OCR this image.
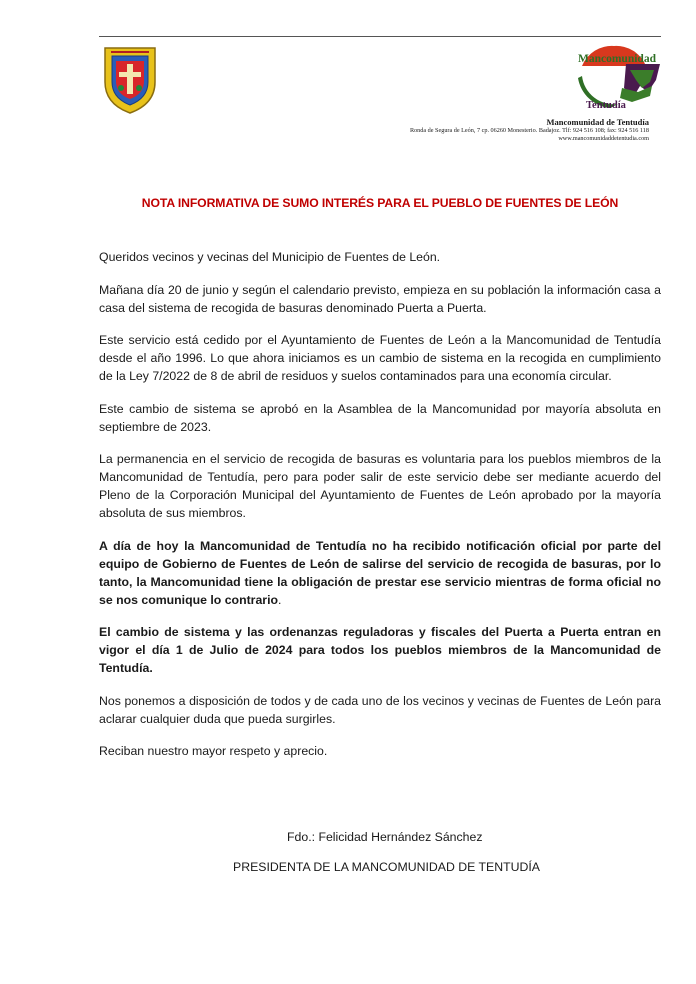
Mancomunidad
Tentudía
Mancomunidad de Tentudía
Ronda de Segura de León, 7 cp. 06260 Monesterio. Badajoz. Tlf: 924 516 108; fax: 924 516 118
www.mancomunidaddetentudia.com
NOTA INFORMATIVA DE SUMO INTERÉS PARA EL PUEBLO DE FUENTES DE LEÓN

Queridos vecinos y vecinas del Municipio de Fuentes de León.

Mañana día 20 de junio y según el calendario previsto, empieza en su población la información casa a casa del sistema de recogida de basuras denominado Puerta a Puerta.

Este servicio está cedido por el Ayuntamiento de Fuentes de León a la Mancomunidad de Tentudía desde el año 1996. Lo que ahora iniciamos es un cambio de sistema en la recogida en cumplimiento de la Ley 7/2022 de 8 de abril de residuos y suelos contaminados para una economía circular.

Este cambio de sistema se aprobó en la Asamblea de la Mancomunidad por mayoría absoluta en septiembre de 2023.

La permanencia en el servicio de recogida de basuras es voluntaria para los pueblos miembros de la Mancomunidad de Tentudía, pero para poder salir de este servicio debe ser mediante acuerdo del Pleno de la Corporación Municipal del Ayuntamiento de Fuentes de León aprobado por la mayoría absoluta de sus miembros.

A día de hoy la Mancomunidad de Tentudía no ha recibido notificación oficial por parte del equipo de Gobierno de Fuentes de León de salirse del servicio de recogida de basuras, por lo tanto, la Mancomunidad tiene la obligación de prestar ese servicio mientras de forma oficial no se nos comunique lo contrario.

El cambio de sistema y las ordenanzas reguladoras y fiscales del Puerta a Puerta entran en vigor el día 1 de Julio de 2024 para todos los pueblos miembros de la Mancomunidad de Tentudía.

Nos ponemos a disposición de todos y de cada uno de los vecinos y vecinas de Fuentes de León para aclarar cualquier duda que pueda surgirles.

Reciban nuestro mayor respeto y aprecio.

Fdo.: Felicidad Hernández Sánchez
PRESIDENTA DE LA MANCOMUNIDAD DE TENTUDÍA
